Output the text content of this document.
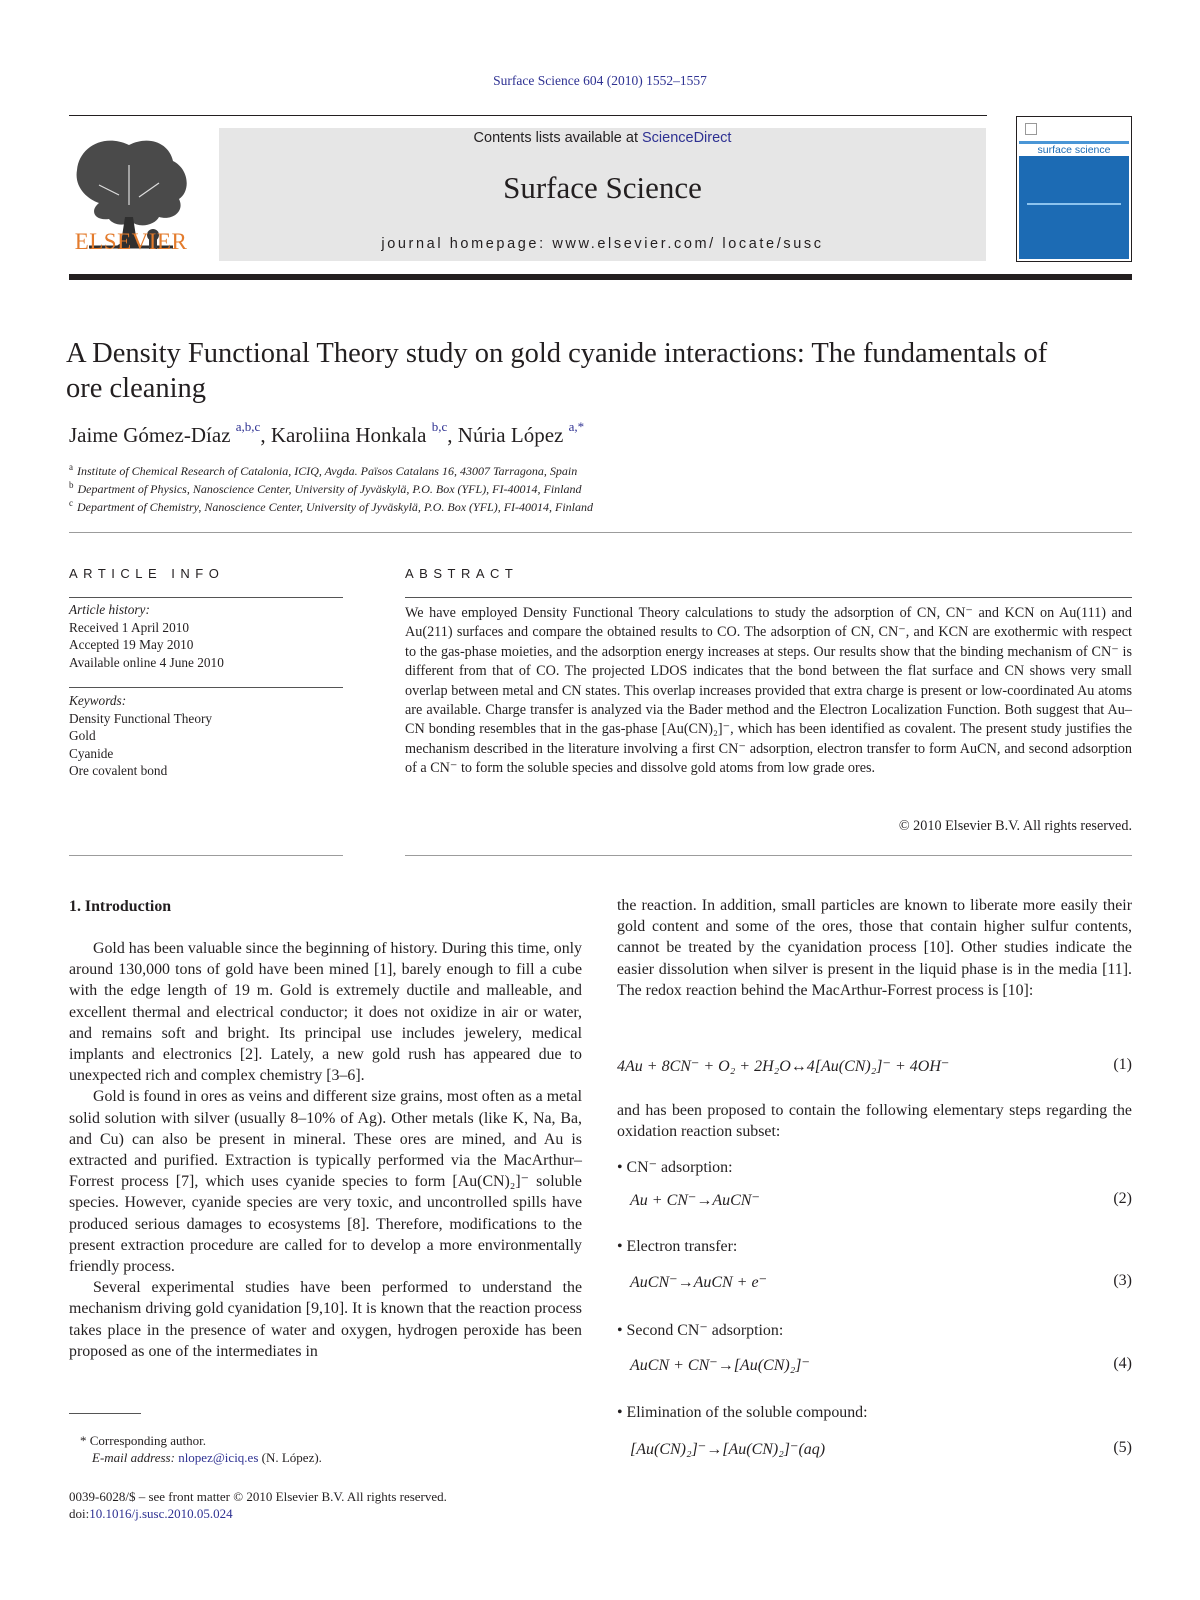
Surface Science 604 (2010) 1552–1557
ELSEVIER
Contents lists available at ScienceDirect
Surface Science
journal homepage: www.elsevier.com/ locate/susc
surface science
A Density Functional Theory study on gold cyanide interactions: The fundamentals of
ore cleaning
Jaime Gómez-Díaz $^{a,b,c}$, Karoliina Honkala $^{b,c}$, Núria López $^{a,*}$
$^a$ Institute of Chemical Research of Catalonia, ICIQ, Avgda. Països Catalans 16, 43007 Tarragona, Spain
$^b$ Department of Physics, Nanoscience Center, University of Jyväskylä, P.O. Box (YFL), FI-40014, Finland
$^c$ Department of Chemistry, Nanoscience Center, University of Jyväskylä, P.O. Box (YFL), FI-40014, Finland
ARTICLE INFO
Article history:
Received 1 April 2010
Accepted 19 May 2010
Available online 4 June 2010
Keywords:
Density Functional Theory
Gold
Cyanide
Ore covalent bond
ABSTRACT
We have employed Density Functional Theory calculations to study the adsorption of CN, CN⁻ and KCN on Au(111) and Au(211) surfaces and compare the obtained results to CO. The adsorption of CN, CN⁻, and KCN are exothermic with respect to the gas-phase moieties, and the adsorption energy increases at steps. Our results show that the binding mechanism of CN⁻ is different from that of CO. The projected LDOS indicates that the bond between the flat surface and CN shows very small overlap between metal and CN states. This overlap increases provided that extra charge is present or low-coordinated Au atoms are available. Charge transfer is analyzed via the Bader method and the Electron Localization Function. Both suggest that Au–CN bonding resembles that in the gas-phase [Au(CN)₂]⁻, which has been identified as covalent. The present study justifies the mechanism described in the literature involving a first CN⁻ adsorption, electron transfer to form AuCN, and second adsorption of a CN⁻ to form the soluble species and dissolve gold atoms from low grade ores.
© 2010 Elsevier B.V. All rights reserved.
1. Introduction

Gold has been valuable since the beginning of history. During this time, only around 130,000 tons of gold have been mined [1], barely enough to fill a cube with the edge length of 19 m. Gold is extremely ductile and malleable, and excellent thermal and electrical conductor; it does not oxidize in air or water, and remains soft and bright. Its principal use includes jewelery, medical implants and electronics [2]. Lately, a new gold rush has appeared due to unexpected rich and complex chemistry [3–6].

Gold is found in ores as veins and different size grains, most often as a metal solid solution with silver (usually 8–10% of Ag). Other metals (like K, Na, Ba, and Cu) can also be present in mineral. These ores are mined, and Au is extracted and purified. Extraction is typically performed via the MacArthur–Forrest process [7], which uses cyanide species to form [Au(CN)₂]⁻ soluble species. However, cyanide species are very toxic, and uncontrolled spills have produced serious damages to ecosystems [8]. Therefore, modifications to the present extraction procedure are called for to develop a more environmentally friendly process.

Several experimental studies have been performed to understand the mechanism driving gold cyanidation [9,10]. It is known that the reaction process takes place in the presence of water and oxygen, hydrogen peroxide has been proposed as one of the intermediates in

the reaction. In addition, small particles are known to liberate more easily their gold content and some of the ores, those that contain higher sulfur contents, cannot be treated by the cyanidation process [10]. Other studies indicate the easier dissolution when silver is present in the liquid phase is in the media [11]. The redox reaction behind the MacArthur-Forrest process is [10]:

4Au + 8CN⁻ + O₂ + 2H₂O↔4[Au(CN)₂]⁻ + 4OH⁻	(1)

and has been proposed to contain the following elementary steps regarding the oxidation reaction subset:

• CN⁻ adsorption:
Au + CN⁻→AuCN⁻	(2)
• Electron transfer:
AuCN⁻→AuCN + e⁻	(3)
• Second CN⁻ adsorption:
AuCN + CN⁻→[Au(CN)₂]⁻	(4)
• Elimination of the soluble compound:
[Au(CN)₂]⁻→[Au(CN)₂]⁻(aq)	(5)
* Corresponding author.
E-mail address: nlopez@iciq.es (N. López).
0039-6028/$ – see front matter © 2010 Elsevier B.V. All rights reserved.
doi:10.1016/j.susc.2010.05.024
